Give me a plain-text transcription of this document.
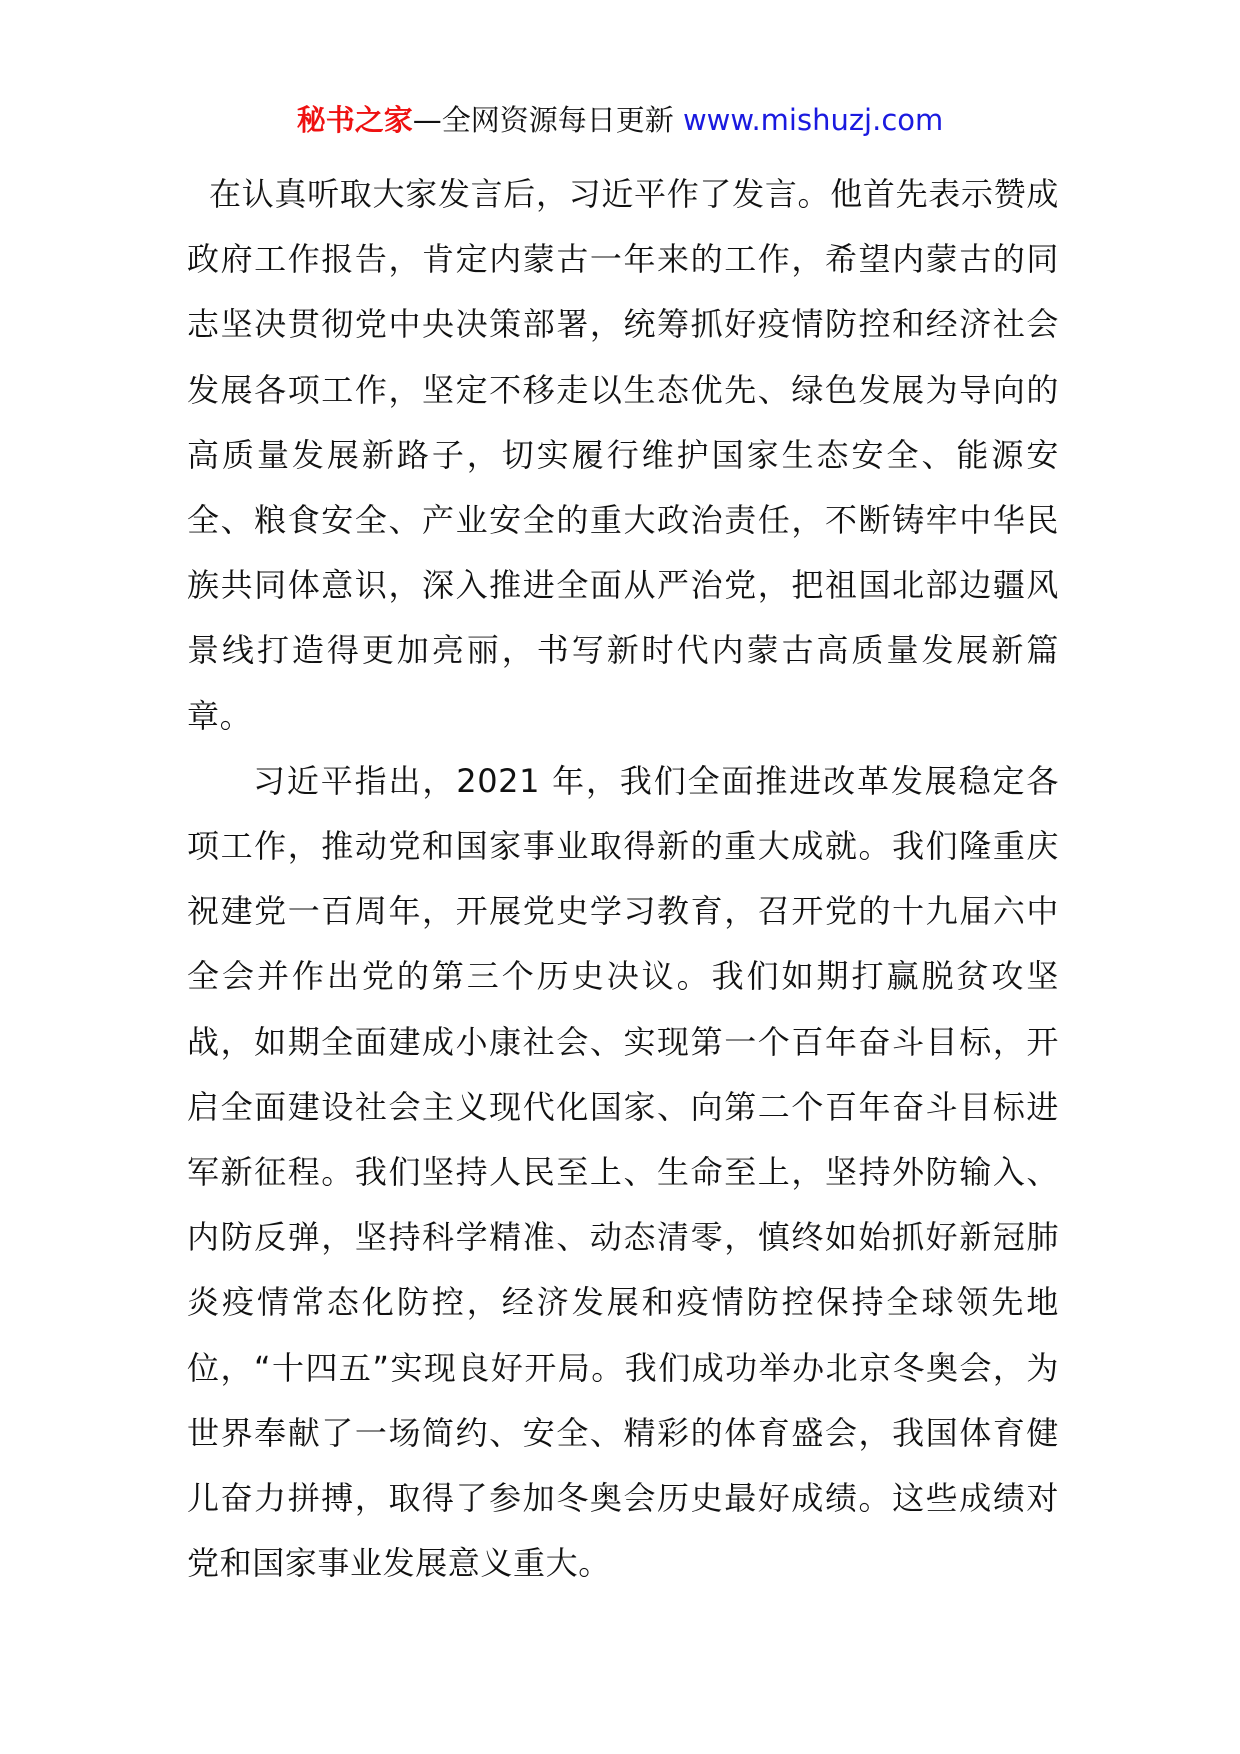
秘书之家—全网资源每日更新 www.mishuzj.com

在认真听取大家发言后，习近平作了发言。他首先表示赞成政府工作报告，肯定内蒙古一年来的工作，希望内蒙古的同志坚决贯彻党中央决策部署，统筹抓好疫情防控和经济社会发展各项工作，坚定不移走以生态优先、绿色发展为导向的高质量发展新路子，切实履行维护国家生态安全、能源安全、粮食安全、产业安全的重大政治责任，不断铸牢中华民族共同体意识，深入推进全面从严治党，把祖国北部边疆风景线打造得更加亮丽，书写新时代内蒙古高质量发展新篇章。

习近平指出，2021 年，我们全面推进改革发展稳定各项工作，推动党和国家事业取得新的重大成就。我们隆重庆祝建党一百周年，开展党史学习教育，召开党的十九届六中全会并作出党的第三个历史决议。我们如期打赢脱贫攻坚战，如期全面建成小康社会、实现第一个百年奋斗目标，开启全面建设社会主义现代化国家、向第二个百年奋斗目标进军新征程。我们坚持人民至上、生命至上，坚持外防输入、内防反弹，坚持科学精准、动态清零，慎终如始抓好新冠肺炎疫情常态化防控，经济发展和疫情防控保持全球领先地位，“十四五”实现良好开局。我们成功举办北京冬奥会，为世界奉献了一场简约、安全、精彩的体育盛会，我国体育健儿奋力拼搏，取得了参加冬奥会历史最好成绩。这些成绩对党和国家事业发展意义重大。
